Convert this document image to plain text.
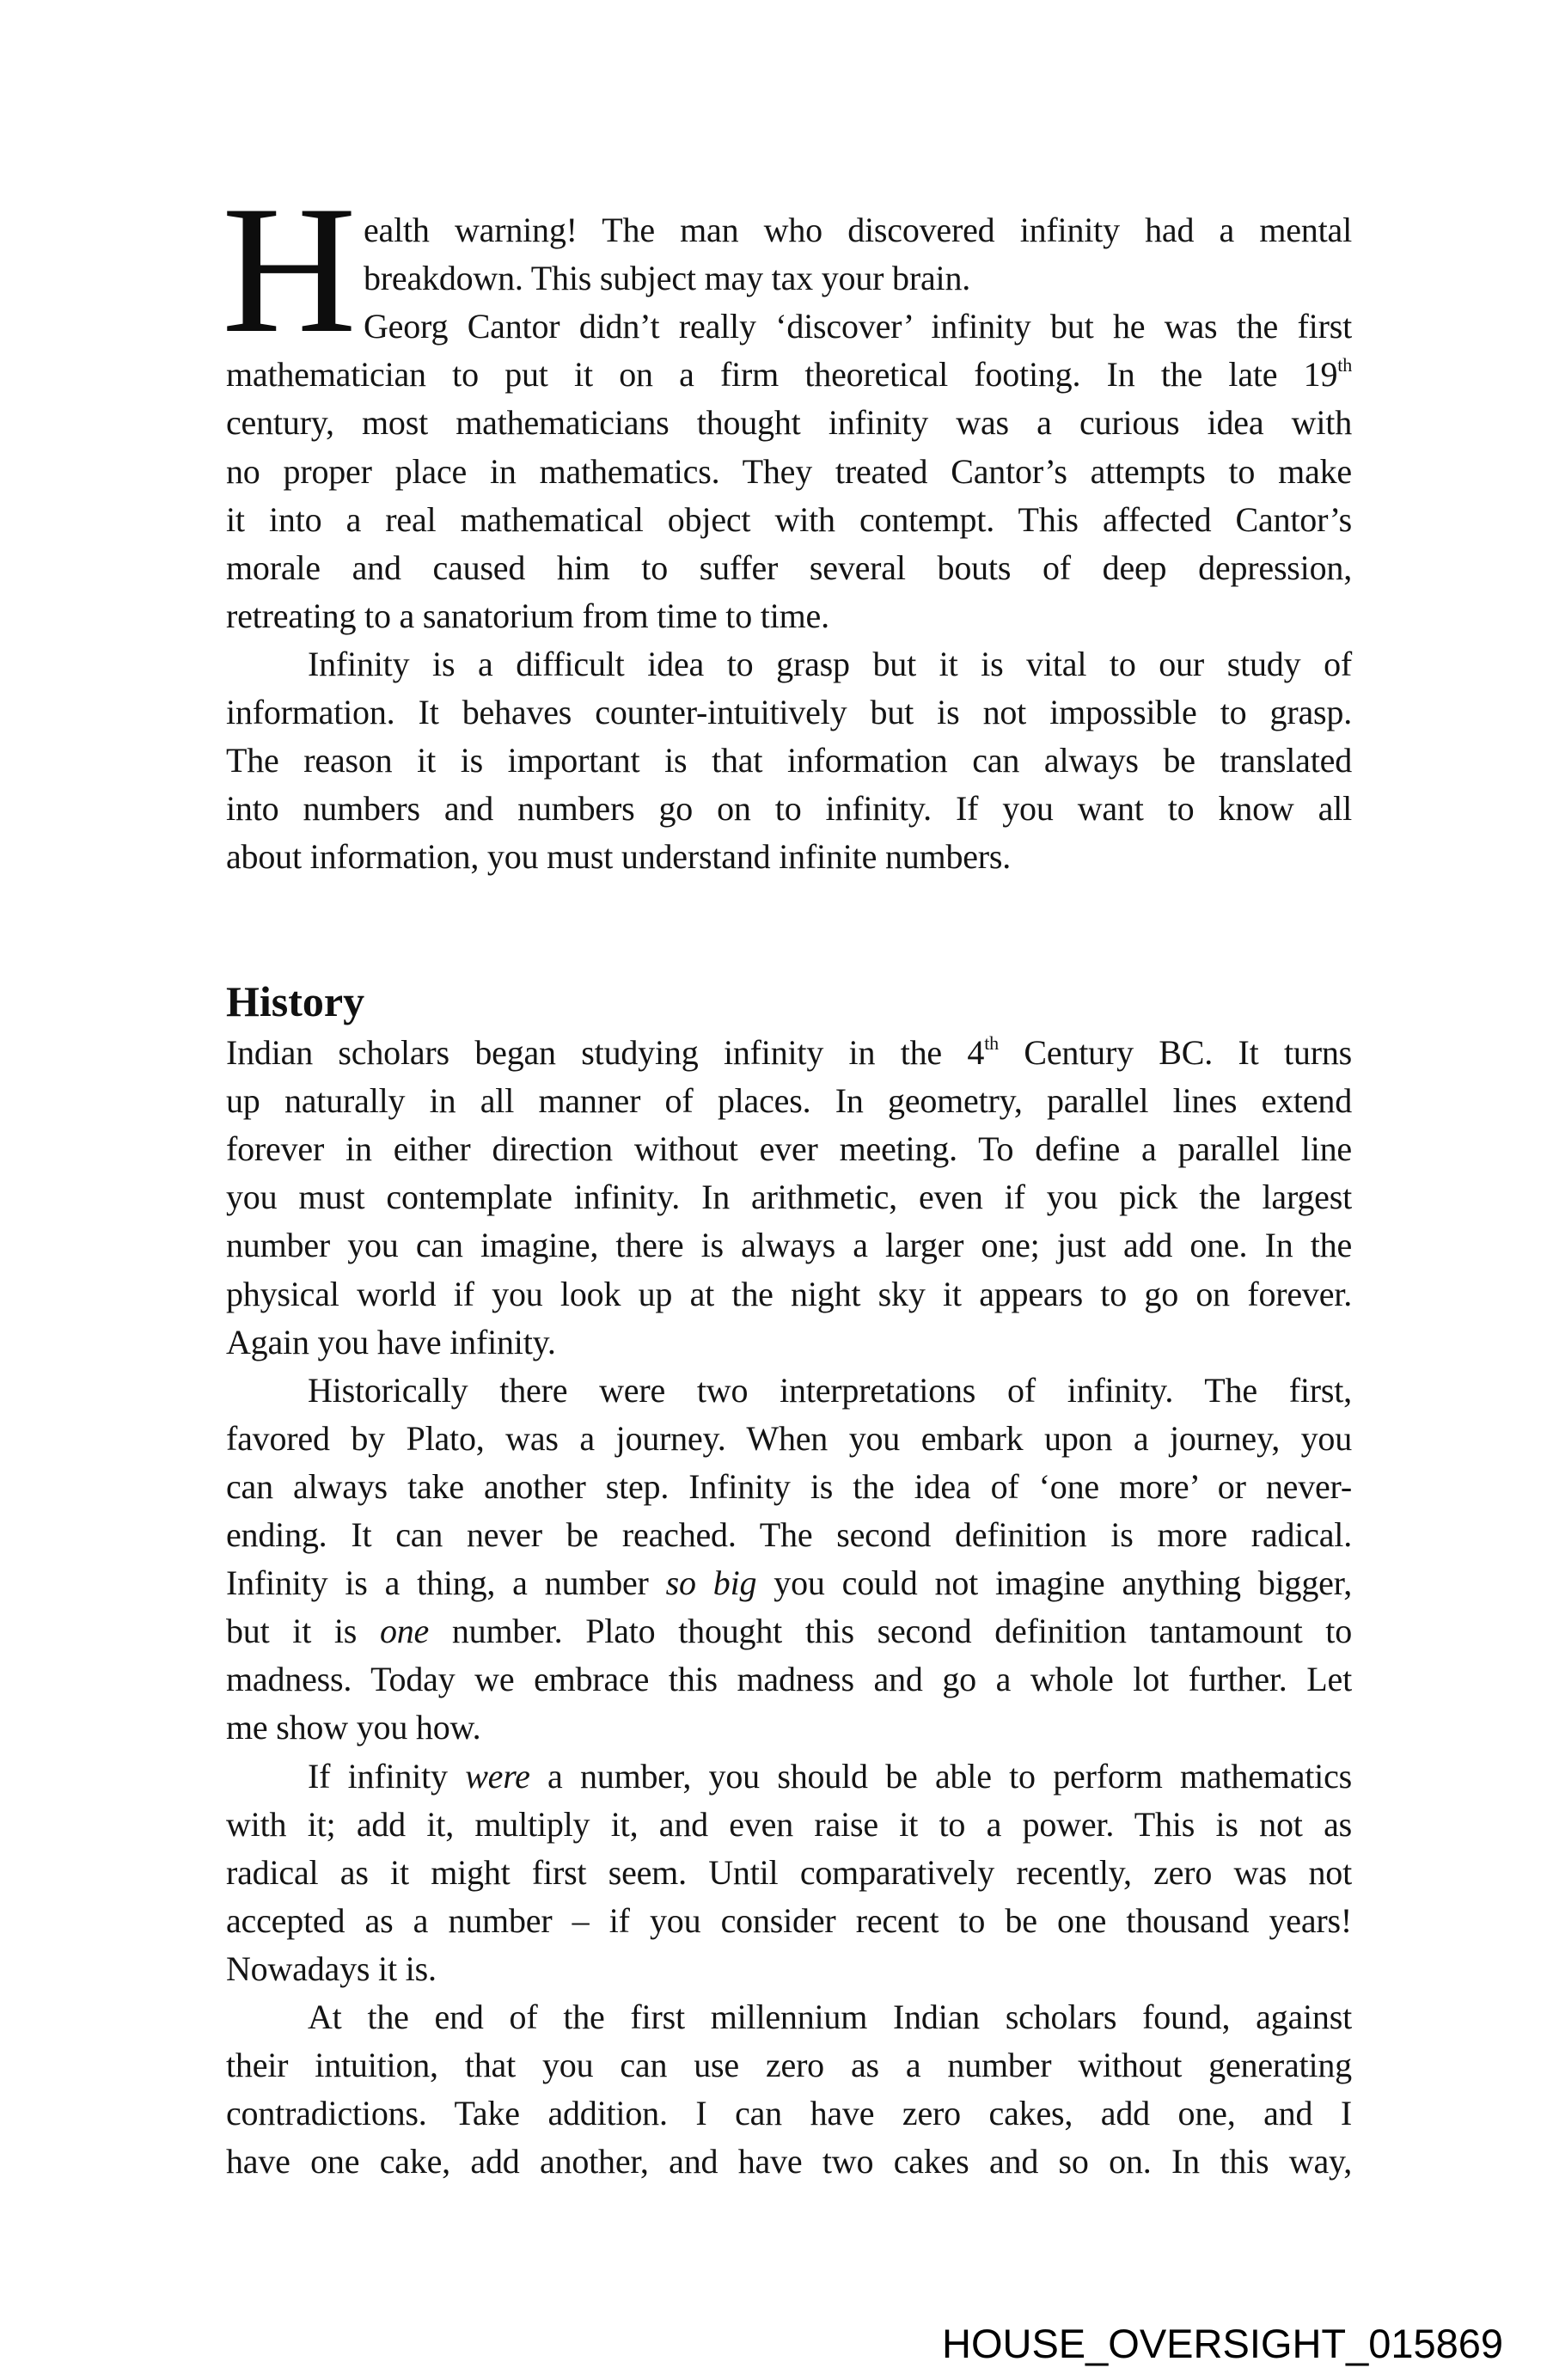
H ealth warning! The man who discovered infinity had a mental
breakdown. This subject may tax your brain.
Georg Cantor didn’t really ‘discover’ infinity but he was the first
mathematician to put it on a firm theoretical footing. In the late 19th
century, most mathematicians thought infinity was a curious idea with
no proper place in mathematics. They treated Cantor’s attempts to make
it into a real mathematical object with contempt. This affected Cantor’s
morale and caused him to suffer several bouts of deep depression,
retreating to a sanatorium from time to time.
Infinity is a difficult idea to grasp but it is vital to our study of
information. It behaves counter-intuitively but is not impossible to grasp.
The reason it is important is that information can always be translated
into numbers and numbers go on to infinity. If you want to know all
about information, you must understand infinite numbers.
History
Indian scholars began studying infinity in the 4th Century BC. It turns
up naturally in all manner of places. In geometry, parallel lines extend
forever in either direction without ever meeting. To define a parallel line
you must contemplate infinity. In arithmetic, even if you pick the largest
number you can imagine, there is always a larger one; just add one. In the
physical world if you look up at the night sky it appears to go on forever.
Again you have infinity.
Historically there were two interpretations of infinity. The first,
favored by Plato, was a journey. When you embark upon a journey, you
can always take another step. Infinity is the idea of ‘one more’ or never-
ending. It can never be reached. The second definition is more radical.
Infinity is a thing, a number so big you could not imagine anything bigger,
but it is one number. Plato thought this second definition tantamount to
madness. Today we embrace this madness and go a whole lot further. Let
me show you how.
If infinity were a number, you should be able to perform mathematics
with it; add it, multiply it, and even raise it to a power. This is not as
radical as it might first seem. Until comparatively recently, zero was not
accepted as a number – if you consider recent to be one thousand years!
Nowadays it is.
At the end of the first millennium Indian scholars found, against
their intuition, that you can use zero as a number without generating
contradictions. Take addition. I can have zero cakes, add one, and I
have one cake, add another, and have two cakes and so on. In this way,
HOUSE_OVERSIGHT_015869
